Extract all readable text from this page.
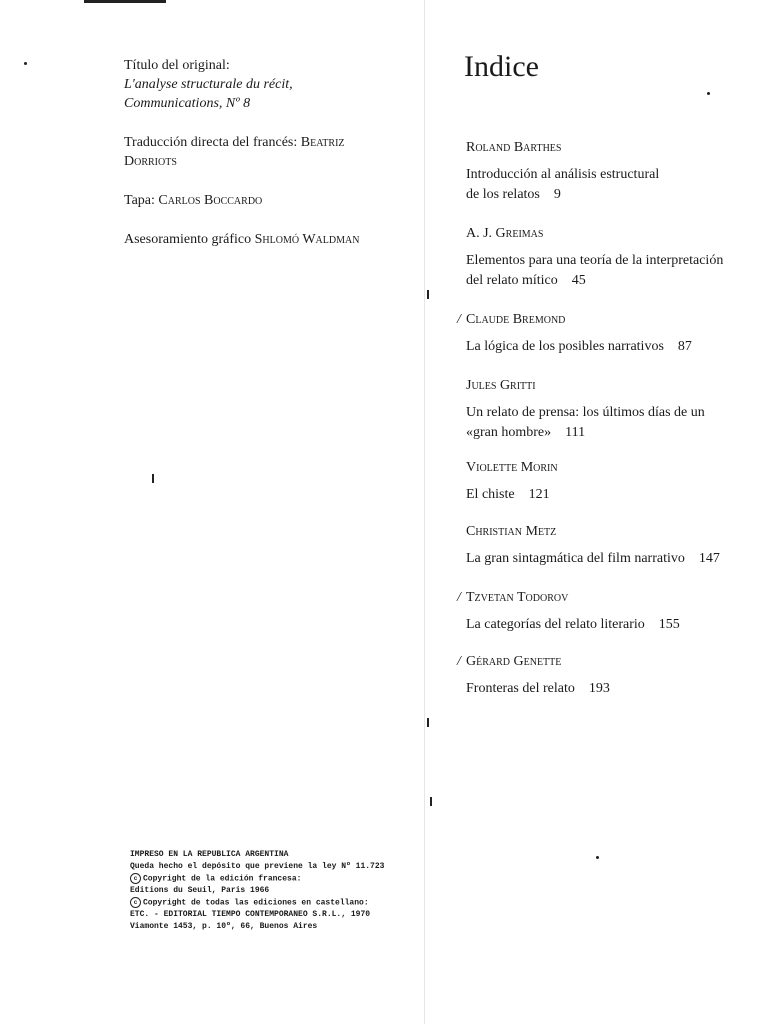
Título del original:

L'analyse structurale du récit, Communications, Nº 8

Traducción directa del francés: Beatriz Dorriots

Tapa: Carlos Boccardo

Asesoramiento gráfico Shlomó Waldman

IMPRESO EN LA REPUBLICA ARGENTINA

Queda hecho el depósito que previene la ley Nº 11.723

c Copyright de la edición francesa:

Editions du Seuil, Paris 1966

c Copyright de todas las ediciones en castellano:

ETC. - EDITORIAL TIEMPO CONTEMPORANEO S.R.L., 1970

Viamonte 1453, p. 10º, 66, Buenos Aires

Indice
Roland Barthes
Introducción al análisis estructural
de los relatos 9
A. J. Greimas
Elementos para una teoría de la interpretación
del relato mítico 45
/ Claude Bremond
La lógica de los posibles narrativos 87
Jules Gritti
Un relato de prensa: los últimos días de un
«gran hombre» 111
Violette Morin
El chiste 121
Christian Metz
La gran sintagmática del film narrativo 147
/ Tzvetan Todorov
La categorías del relato literario 155
/ Gérard Genette
Fronteras del relato 193
